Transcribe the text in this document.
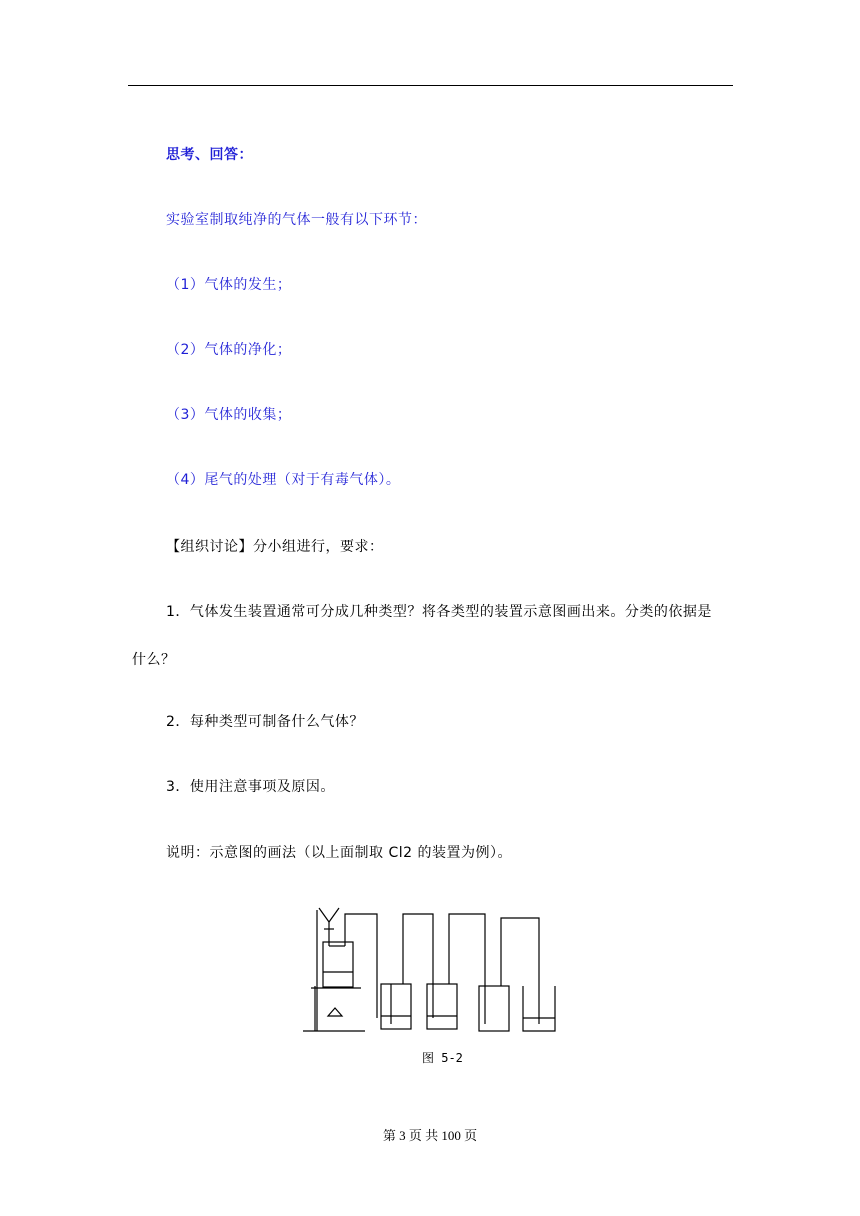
思考、回答：
实验室制取纯净的气体一般有以下环节：
（1）气体的发生；
（2）气体的净化；
（3）气体的收集；
（4）尾气的处理（对于有毒气体）。
【组织讨论】分小组进行，要求：
1．气体发生装置通常可分成几种类型？将各类型的装置示意图画出来。分类的依据是
什么？
2．每种类型可制备什么气体？
3．使用注意事项及原因。
说明：示意图的画法（以上面制取 Cl2 的装置为例）。
图 5-2
第 3 页 共 100 页
